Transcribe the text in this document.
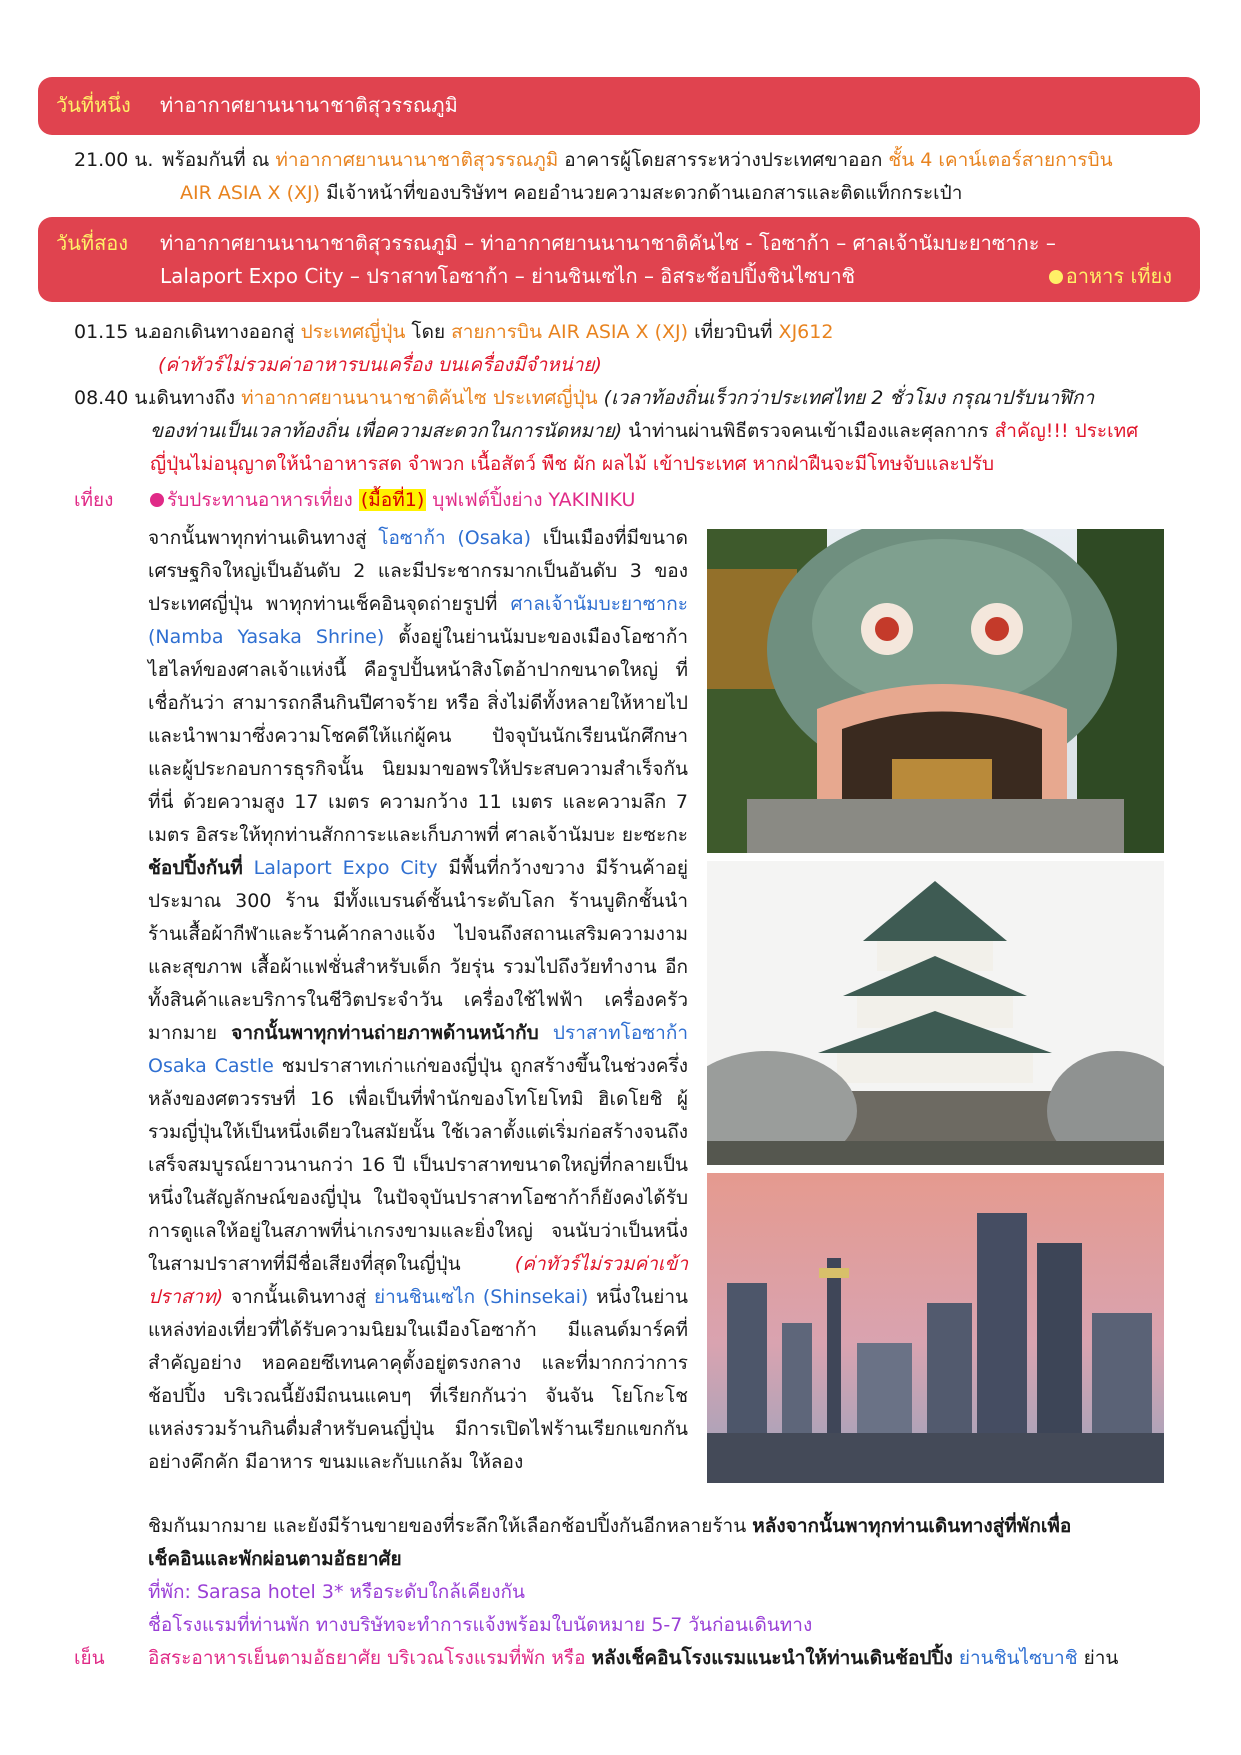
วันที่หนึ่ง ท่าอากาศยานนานาชาติสุวรรณภูมิ
21.00 น. พร้อมกันที่ ณ ท่าอากาศยานนานาชาติสุวรรณภูมิ อาคารผู้โดยสารระหว่างประเทศขาออก ชั้น 4 เคาน์เตอร์สายการบิน
AIR ASIA X (XJ) มีเจ้าหน้าที่ของบริษัทฯ คอยอำนวยความสะดวกด้านเอกสารและติดแท็กกระเป๋า
วันที่สอง ท่าอากาศยานนานาชาติสุวรรณภูมิ – ท่าอากาศยานนานาชาติคันไซ - โอซาก้า – ศาลเจ้านัมบะยาซากะ –
Lalaport Expo City – ปราสาทโอซาก้า – ย่านชินเซไก – อิสระช้อปปิ้งชินไซบาชิ	อาหาร เที่ยง
01.15 น.
ออกเดินทางออกสู่ ประเทศญี่ปุ่น โดย สายการบิน AIR ASIA X (XJ) เที่ยวบินที่ XJ612
(ค่าทัวร์ไม่รวมค่าอาหารบนเครื่อง บนเครื่องมีจำหน่าย)
08.40 น.
เดินทางถึง ท่าอากาศยานนานาชาติคันไซ ประเทศญี่ปุ่น (เวลาท้องถิ่นเร็วกว่าประเทศไทย 2 ชั่วโมง กรุณาปรับนาฬิกา
ของท่านเป็นเวลาท้องถิ่น เพื่อความสะดวกในการนัดหมาย) นำท่านผ่านพิธีตรวจคนเข้าเมืองและศุลกากร สำคัญ!!! ประเทศ
ญี่ปุ่นไม่อนุญาตให้นำอาหารสด จำพวก เนื้อสัตว์ พืช ผัก ผลไม้ เข้าประเทศ หากฝ่าฝืนจะมีโทษจับและปรับ
เที่ยง	รับประทานอาหารเที่ยง (มื้อที่1) บุฟเฟต์ปิ้งย่าง YAKINIKU

จากนั้นพาทุกท่านเดินทางสู่ โอซาก้า (Osaka) เป็นเมืองที่มีขนาดเศรษฐกิจใหญ่เป็นอันดับ 2 และมีประชากรมากเป็นอันดับ 3 ของประเทศญี่ปุ่น พาทุกท่านเช็คอินจุดถ่ายรูปที่ ศาลเจ้านัมบะยาซากะ (Namba Yasaka Shrine) ตั้งอยู่ในย่านนัมบะของเมืองโอซาก้า ไฮไลท์ของศาลเจ้าแห่งนี้ คือรูปปั้นหน้าสิงโตอ้าปากขนาดใหญ่ ที่เชื่อกันว่า สามารถกลืนกินปีศาจร้าย หรือ สิ่งไม่ดีทั้งหลายให้หายไป และนำพามาซึ่งความโชคดีให้แก่ผู้คน ปัจจุบันนักเรียนนักศึกษา และผู้ประกอบการธุรกิจนั้น นิยมมาขอพรให้ประสบความสำเร็จกันที่นี่ ด้วยความสูง 17 เมตร ความกว้าง 11 เมตร และความลึก 7 เมตร อิสระให้ทุกท่านสักการะและเก็บภาพที่ ศาลเจ้านัมบะ ยะซะกะ ช้อปปิ้งกันที่ Lalaport Expo City มีพื้นที่กว้างขวาง มีร้านค้าอยู่ประมาณ 300 ร้าน มีทั้งแบรนด์ชั้นนำระดับโลก ร้านบูติกชั้นนำ ร้านเสื้อผ้ากีฬาและร้านค้ากลางแจ้ง ไปจนถึงสถานเสริมความงามและสุขภาพ เสื้อผ้าแฟชั่นสำหรับเด็ก วัยรุ่น รวมไปถึงวัยทำงาน อีกทั้งสินค้าและบริการในชีวิตประจำวัน เครื่องใช้ไฟฟ้า เครื่องครัวมากมาย จากนั้นพาทุกท่านถ่ายภาพด้านหน้ากับ ปราสาทโอซาก้า Osaka Castle ชมปราสาทเก่าแก่ของญี่ปุ่น ถูกสร้างขึ้นในช่วงครึ่งหลังของศตวรรษที่ 16 เพื่อเป็นที่พำนักของโทโยโทมิ ฮิเดโยชิ ผู้รวมญี่ปุ่นให้เป็นหนึ่งเดียวในสมัยนั้น ใช้เวลาตั้งแต่เริ่มก่อสร้างจนถึงเสร็จสมบูรณ์ยาวนานกว่า 16 ปี เป็นปราสาทขนาดใหญ่ที่กลายเป็นหนึ่งในสัญลักษณ์ของญี่ปุ่น ในปัจจุบันปราสาทโอซาก้าก็ยังคงได้รับการดูแลให้อยู่ในสภาพที่น่าเกรงขามและยิ่งใหญ่ จนนับว่าเป็นหนึ่งในสามปราสาทที่มีชื่อเสียงที่สุดในญี่ปุ่น (ค่าทัวร์ไม่รวมค่าเข้าปราสาท) จากนั้นเดินทางสู่ ย่านชินเซไก (Shinsekai) หนึ่งในย่านแหล่งท่องเที่ยวที่ได้รับความนิยมในเมืองโอซาก้า มีแลนด์มาร์คที่สำคัญอย่าง หอคอยซึเทนคาคุตั้งอยู่ตรงกลาง และที่มากกว่าการช้อปปิ้ง บริเวณนี้ยังมีถนนแคบๆ ที่เรียกกันว่า จันจัน โยโกะโช แหล่งรวมร้านกินดื่มสำหรับคนญี่ปุ่น มีการเปิดไฟร้านเรียกแขกกันอย่างคึกคัก มีอาหาร ขนมและกับแกล้ม ให้ลอง

ชิมกันมากมาย และยังมีร้านขายของที่ระลึกให้เลือกช้อปปิ้งกันอีกหลายร้าน หลังจากนั้นพาทุกท่านเดินทางสู่ที่พักเพื่อ
เช็คอินและพักผ่อนตามอัธยาศัย
ที่พัก: Sarasa hotel 3* หรือระดับใกล้เคียงกัน
ชื่อโรงแรมที่ท่านพัก ทางบริษัทจะทำการแจ้งพร้อมใบนัดหมาย 5-7 วันก่อนเดินทาง
เย็น อิสระอาหารเย็นตามอัธยาศัย บริเวณโรงแรมที่พัก หรือ หลังเช็คอินโรงแรมแนะนำให้ท่านเดินช้อปปิ้ง ย่านชินไซบาชิ ย่าน
